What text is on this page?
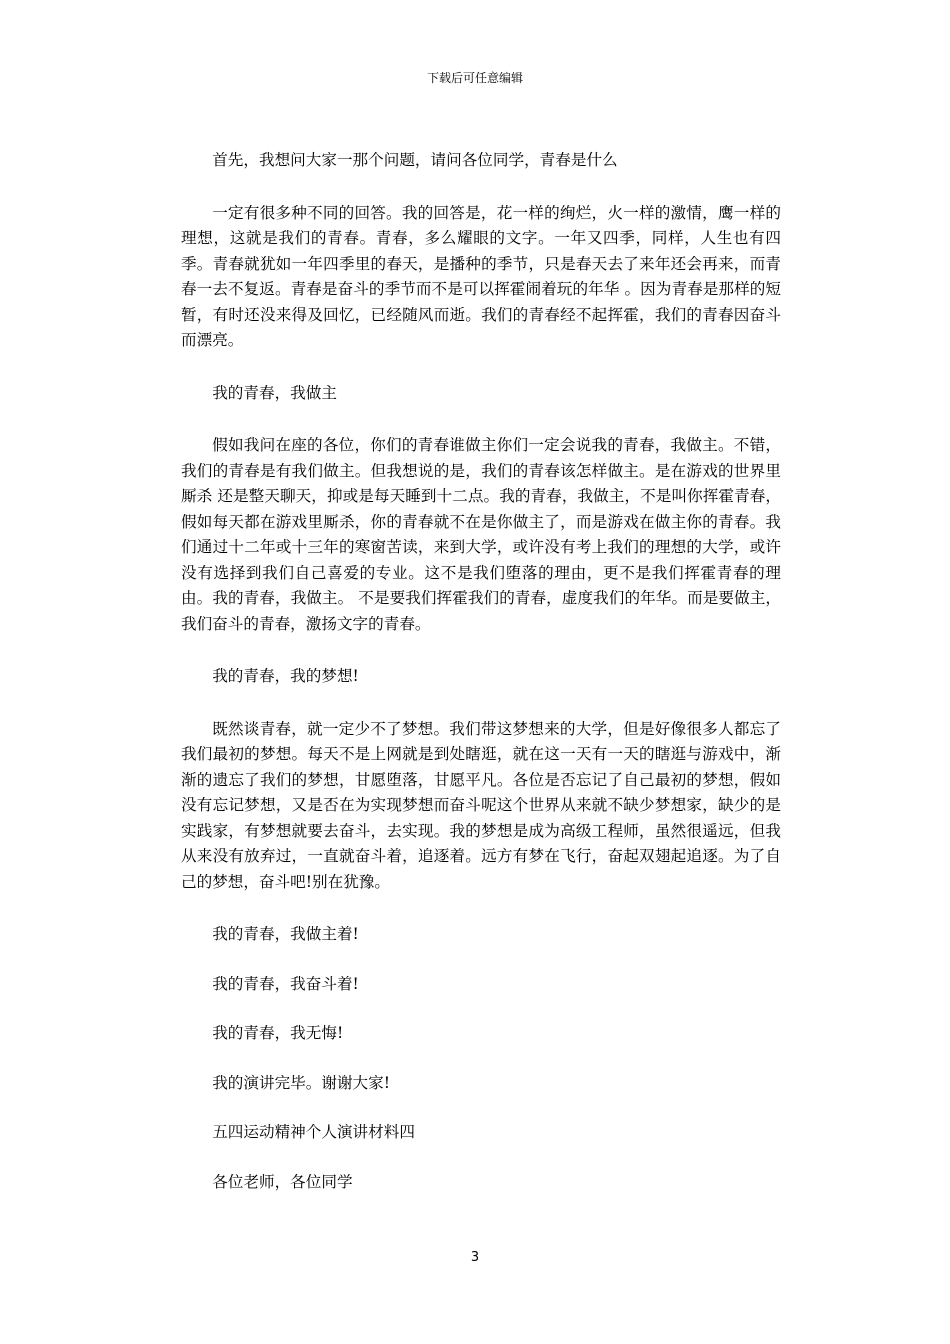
下载后可任意编辑

首先，我想问大家一那个问题，请问各位同学，青春是什么

一定有很多种不同的回答。我的回答是，花一样的绚烂，火一样的激情，鹰一样的理想，这就是我们的青春。青春，多么耀眼的文字。一年又四季，同样，人生也有四季。青春就犹如一年四季里的春天，是播种的季节，只是春天去了来年还会再来，而青春一去不复返。青春是奋斗的季节而不是可以挥霍闹着玩的年华 。因为青春是那样的短暂，有时还没来得及回忆，已经随风而逝。我们的青春经不起挥霍，我们的青春因奋斗而漂亮。

我的青春，我做主

假如我问在座的各位，你们的青春谁做主你们一定会说我的青春，我做主。不错，我们的青春是有我们做主。但我想说的是，我们的青春该怎样做主。是在游戏的世界里厮杀 还是整天聊天，抑或是每天睡到十二点。我的青春，我做主，不是叫你挥霍青春，假如每天都在游戏里厮杀，你的青春就不在是你做主了，而是游戏在做主你的青春。我们通过十二年或十三年的寒窗苦读，来到大学，或许没有考上我们的理想的大学，或许没有选择到我们自己喜爱的专业。这不是我们堕落的理由，更不是我们挥霍青春的理由。我的青春，我做主。 不是要我们挥霍我们的青春，虚度我们的年华。而是要做主，我们奋斗的青春，激扬文字的青春。

我的青春，我的梦想!

既然谈青春，就一定少不了梦想。我们带这梦想来的大学，但是好像很多人都忘了我们最初的梦想。每天不是上网就是到处瞎逛，就在这一天有一天的瞎逛与游戏中，渐渐的遗忘了我们的梦想，甘愿堕落，甘愿平凡。各位是否忘记了自己最初的梦想，假如没有忘记梦想，又是否在为实现梦想而奋斗呢这个世界从来就不缺少梦想家，缺少的是实践家，有梦想就要去奋斗，去实现。我的梦想是成为高级工程师，虽然很遥远，但我从来没有放弃过，一直就奋斗着，追逐着。远方有梦在飞行，奋起双翅起追逐。为了自己的梦想，奋斗吧!别在犹豫。

我的青春，我做主着!

我的青春，我奋斗着!

我的青春，我无悔!

我的演讲完毕。谢谢大家!

五四运动精神个人演讲材料四

各位老师，各位同学

3
